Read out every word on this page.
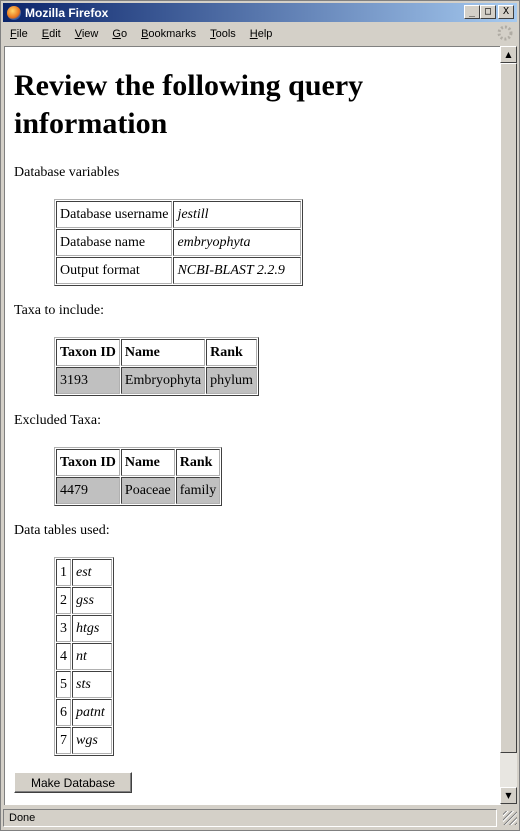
Mozilla Firefox	_ □	X
File	Edit	View	Go	Bookmarks	Tools	Help
Review the following query information
Database variables
Database username	jestill
Database name	embryophyta
Output format	NCBI-BLAST 2.2.9
Taxa to include:
Taxon ID	Name	Rank
3193	Embryophyta	phylum
Excluded Taxa:
Taxon ID	Name	Rank
4479	Poaceae	family
Data tables used:
1	est
2	gss
3	htgs
4	nt
5	sts
6	patnt
7	wgs
Make Database
▲
▼
Done
